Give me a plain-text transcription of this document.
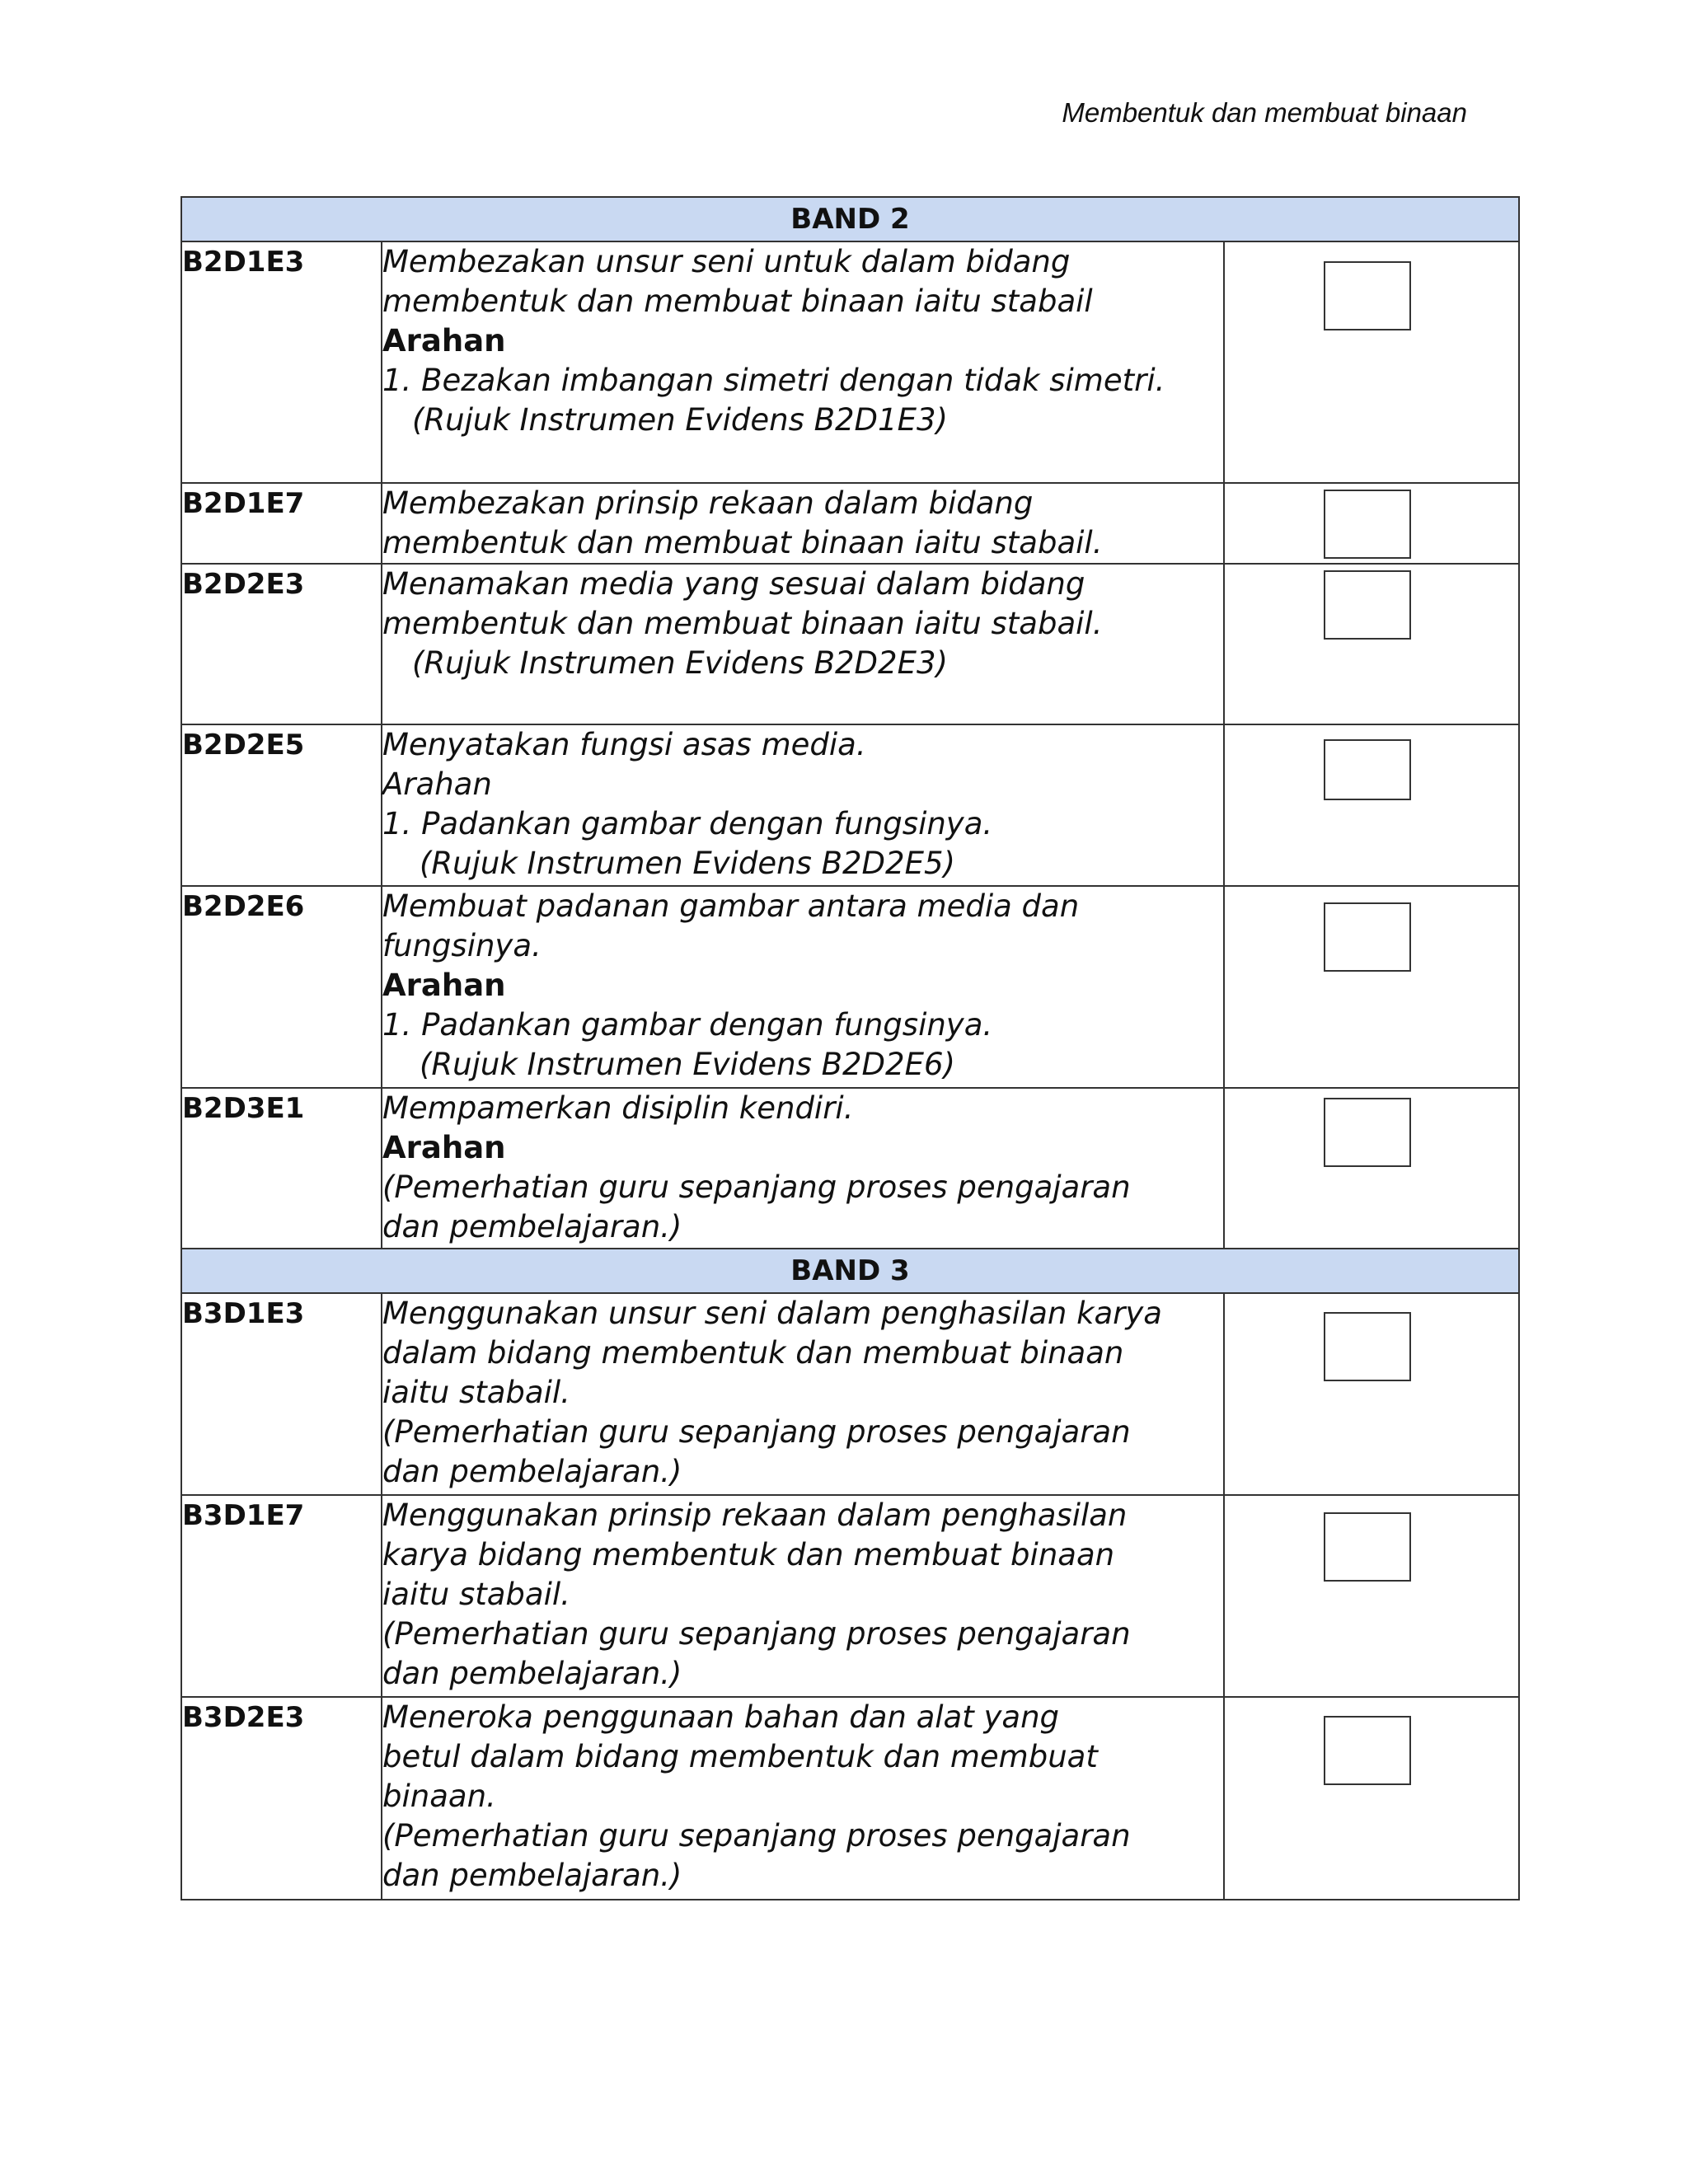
Membentuk dan membuat binaan
BAND 2		
B2D1E3	Membezakan unsur seni untuk dalam bidang
membentuk dan membuat binaan iaitu stabail
Arahan
1. Bezakan imbangan simetri dengan tidak simetri.
(Rujuk Instrumen Evidens B2D1E3)	

B2D1E7	Membezakan prinsip rekaan dalam bidang
membentuk dan membuat binaan iaitu stabail.	

B2D2E3	Menamakan media yang sesuai dalam bidang
membentuk dan membuat binaan iaitu stabail.
(Rujuk Instrumen Evidens B2D2E3)	

B2D2E5	Menyatakan fungsi asas media.
Arahan
1. Padankan gambar dengan fungsinya.
(Rujuk Instrumen Evidens B2D2E5)	

B2D2E6	Membuat padanan gambar antara media dan
fungsinya.
Arahan
1. Padankan gambar dengan fungsinya.
(Rujuk Instrumen Evidens B2D2E6)	

B2D3E1	Mempamerkan disiplin kendiri.
Arahan
(Pemerhatian guru sepanjang proses pengajaran
dan pembelajaran.)	

BAND 3		
B3D1E3	Menggunakan unsur seni dalam penghasilan karya
dalam bidang membentuk dan membuat binaan
iaitu stabail.
(Pemerhatian guru sepanjang proses pengajaran
dan pembelajaran.)	

B3D1E7	Menggunakan prinsip rekaan dalam penghasilan
karya bidang membentuk dan membuat binaan
iaitu stabail.
(Pemerhatian guru sepanjang proses pengajaran
dan pembelajaran.)	

B3D2E3	Meneroka penggunaan bahan dan alat yang
betul dalam bidang membentuk dan membuat
binaan.
(Pemerhatian guru sepanjang proses pengajaran
dan pembelajaran.)	
